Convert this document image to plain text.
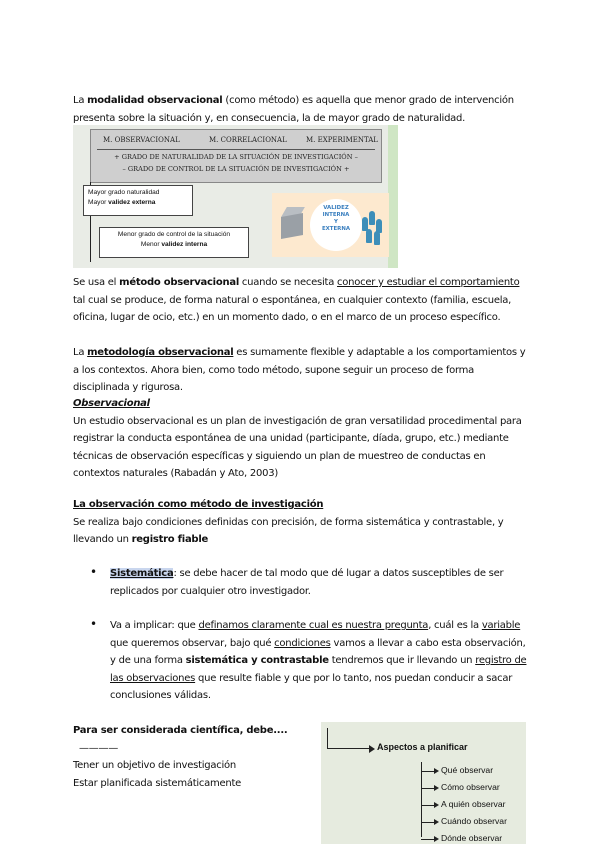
La modalidad observacional (como método) es aquella que menor grado de intervención presenta sobre la situación y, en consecuencia, la de mayor grado de naturalidad.
M. OBSERVACIONAL	M. CORRELACIONAL	M. EXPERIMENTAL
+ GRADO DE NATURALIDAD DE LA SITUACIÓN DE INVESTIGACIÓN –
– GRADO DE CONTROL DE LA SITUACIÓN DE INVESTIGACIÓN +
Mayor grado naturalidad
Mayor validez externa
Menor grado de control de la situación
Menor validez interna
VALIDEZ
INTERNA
Y
EXTERNA
Se usa el método observacional cuando se necesita conocer y estudiar el comportamiento tal cual se produce, de forma natural o espontánea, en cualquier contexto (familia, escuela, oficina, lugar de ocio, etc.) en un momento dado, o en el marco de un proceso específico.
La metodología observacional es sumamente flexible y adaptable a los comportamientos y a los contextos. Ahora bien, como todo método, supone seguir un proceso de forma disciplinada y rigurosa.
Observacional
Un estudio observacional es un plan de investigación de gran versatilidad procedimental para registrar la conducta espontánea de una unidad (participante, díada, grupo, etc.) mediante técnicas de observación específicas y siguiendo un plan de muestreo de conductas en contextos naturales (Rabadán y Ato, 2003)
La observación como método de investigación
Se realiza bajo condiciones definidas con precisión, de forma sistemática y contrastable, y llevando un registro fiable
• Sistemática: se debe hacer de tal modo que dé lugar a datos susceptibles de ser replicados por cualquier otro investigador.
• Va a implicar: que definamos claramente cual es nuestra pregunta, cuál es la variable que queremos observar, bajo qué condiciones vamos a llevar a cabo esta observación, y de una forma sistemática y contrastable tendremos que ir llevando un registro de las observaciones que resulte fiable y que por lo tanto, nos puedan conducir a sacar conclusiones válidas.
Para ser considerada científica, debe.... ————
Tener un objetivo de investigación
Estar planificada sistemáticamente
Aspectos a planificar
Qué observar
Cómo observar
A quién observar
Cuándo observar
Dónde observar
